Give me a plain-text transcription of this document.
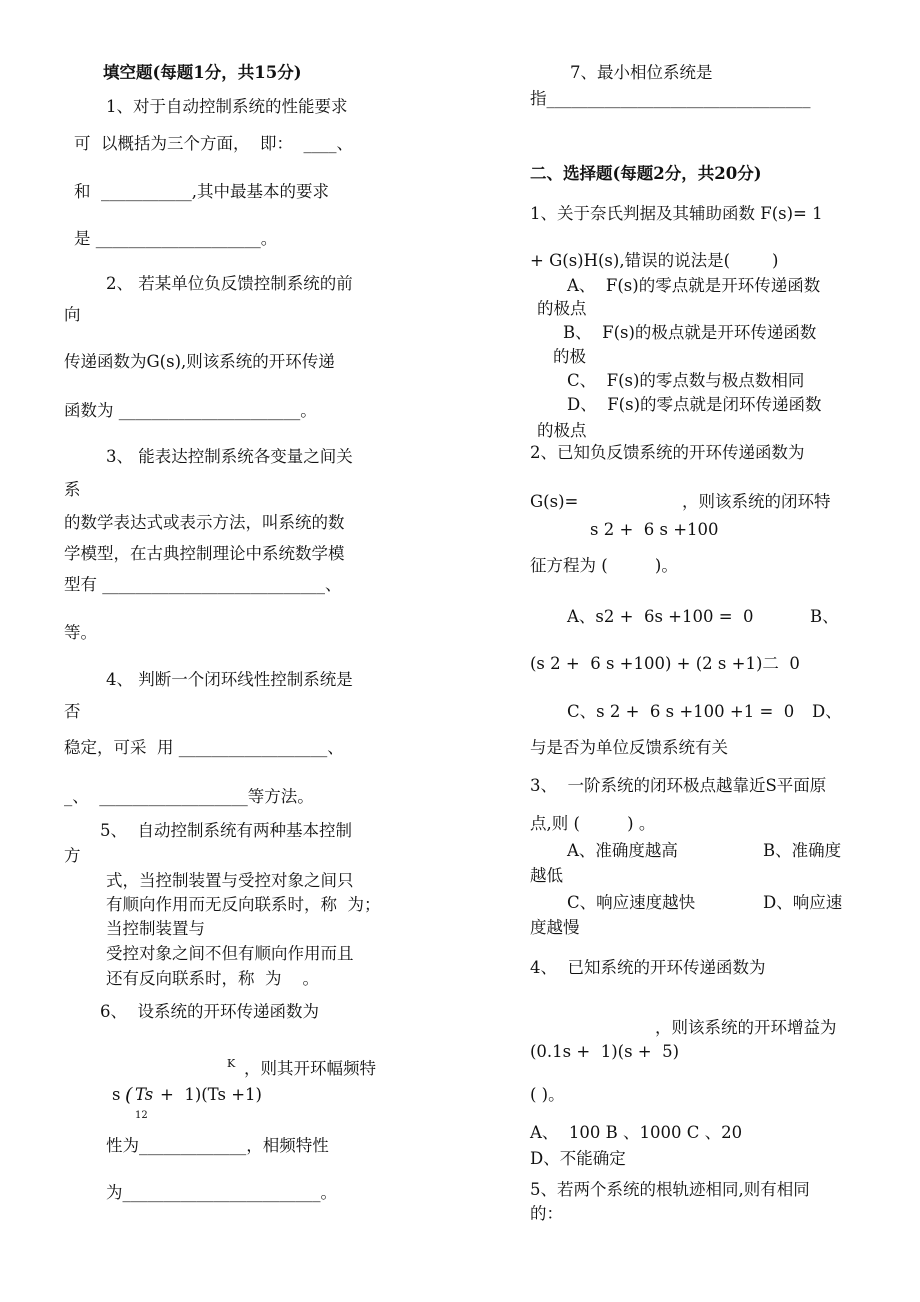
填空题(每题1分，共15分)
1、对于自动控制系统的性能要求
可  以概括为三个方面，  即：  ____、
和  ___________,其中最基本的要求
是 ____________________。
2、 若某单位负反馈控制系统的前
向
传递函数为G(s),则该系统的开环传递
函数为 ______________________。
3、 能表达控制系统各变量之间关
系
的数学表达式或表示方法，叫系统的数
学模型，在古典控制理论中系统数学模
型有 ___________________________、
等。
4、 判断一个闭环线性控制系统是
否
稳定，可采  用 __________________、
_、  __________________等方法。
5、  自动控制系统有两种基本控制
方
式，当控制装置与受控对象之间只
有顺向作用而无反向联系时，称  为；
当控制装置与
受控对象之间不但有顺向作用而且
还有反向联系时，称  为    。
6、  设系统的开环传递函数为
K ，则其开环幅频特
s ( Ts +  1)(Ts +1)
12
性为_____________，相频特性
为________________________。
7、最小相位系统是
指________________________________
二、选择题(每题2分，共20分)
1、关于奈氏判据及其辅助函数 F(s)= 1
+ G(s)H(s),错误的说法是(        )
A、  F(s)的零点就是开环传递函数
的极点
B、  F(s)的极点就是开环传递函数
的极
C、  F(s)的零点数与极点数相同
D、  F(s)的零点就是闭环传递函数
的极点
2、已知负反馈系统的开环传递函数为
G(s)=	，则该系统的闭环特
s 2 +  6 s +100
征方程为 (         )。
A、s2 +  6s +100 =  0	B、
(s 2 +  6 s +100) + (2 s +1)二  0
C、s 2 +  6 s +100 +1 =  0 D、
与是否为单位反馈系统有关
3、  一阶系统的闭环极点越靠近S平面原
点,则 (         ) 。
A、准确度越高	B、准确度
越低
C、响应速度越快	D、响应速
度越慢
4、  已知系统的开环传递函数为
，则该系统的开环增益为
(0.1s +  1)(s +  5)
( )。
A、  100 B 、1000 C 、20
D、不能确定
5、若两个系统的根轨迹相同,则有相同
的：
